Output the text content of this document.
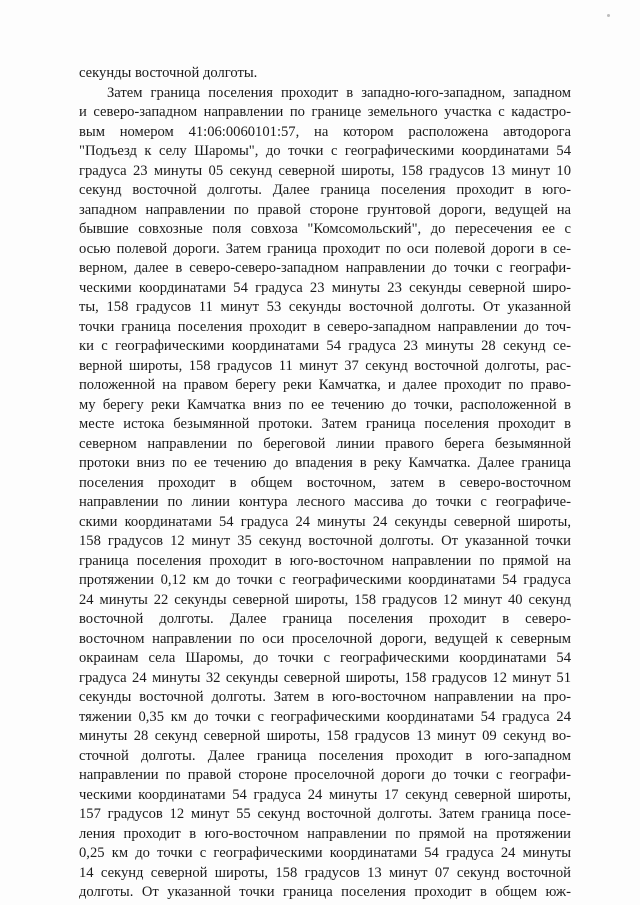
секунды восточной долготы.
Затем граница поселения проходит в западно-юго-западном, западном
и северо-западном направлении по границе земельного участка с кадастро-
вым номером 41:06:0060101:57, на котором расположена автодорога
"Подъезд к селу Шаромы", до точки с географическими координатами 54
градуса 23 минуты 05 секунд северной широты, 158 градусов 13 минут 10
секунд восточной долготы. Далее граница поселения проходит в юго-
западном направлении по правой стороне грунтовой дороги, ведущей на
бывшие совхозные поля совхоза "Комсомольский", до пересечения ее с
осью полевой дороги. Затем граница проходит по оси полевой дороги в се-
верном, далее в северо-северо-западном направлении до точки с географи-
ческими координатами 54 градуса 23 минуты 23 секунды северной широ-
ты, 158 градусов 11 минут 53 секунды восточной долготы. От указанной
точки граница поселения проходит в северо-западном направлении до точ-
ки с географическими координатами 54 градуса 23 минуты 28 секунд се-
верной широты, 158 градусов 11 минут 37 секунд восточной долготы, рас-
положенной на правом берегу реки Камчатка, и далее проходит по право-
му берегу реки Камчатка вниз по ее течению до точки, расположенной в
месте истока безымянной протоки. Затем граница поселения проходит в
северном направлении по береговой линии правого берега безымянной
протоки вниз по ее течению до впадения в реку Камчатка. Далее граница
поселения проходит в общем восточном, затем в северо-восточном
направлении по линии контура лесного массива до точки с географиче-
скими координатами 54 градуса 24 минуты 24 секунды северной широты,
158 градусов 12 минут 35 секунд восточной долготы. От указанной точки
граница поселения проходит в юго-восточном направлении по прямой на
протяжении 0,12 км до точки с географическими координатами 54 градуса
24 минуты 22 секунды северной широты, 158 градусов 12 минут 40 секунд
восточной долготы. Далее граница поселения проходит в северо-
восточном направлении по оси проселочной дороги, ведущей к северным
окраинам села Шаромы, до точки с географическими координатами 54
градуса 24 минуты 32 секунды северной широты, 158 градусов 12 минут 51
секунды восточной долготы. Затем в юго-восточном направлении на про-
тяжении 0,35 км до точки с географическими координатами 54 градуса 24
минуты 28 секунд северной широты, 158 градусов 13 минут 09 секунд во-
сточной долготы. Далее граница поселения проходит в юго-западном
направлении по правой стороне проселочной дороги до точки с географи-
ческими координатами 54 градуса 24 минуты 17 секунд северной широты,
157 градусов 12 минут 55 секунд восточной долготы. Затем граница посе-
ления проходит в юго-восточном направлении по прямой на протяжении
0,25 км до точки с географическими координатами 54 градуса 24 минуты
14 секунд северной широты, 158 градусов 13 минут 07 секунд восточной
долготы. От указанной точки граница поселения проходит в общем юж-
